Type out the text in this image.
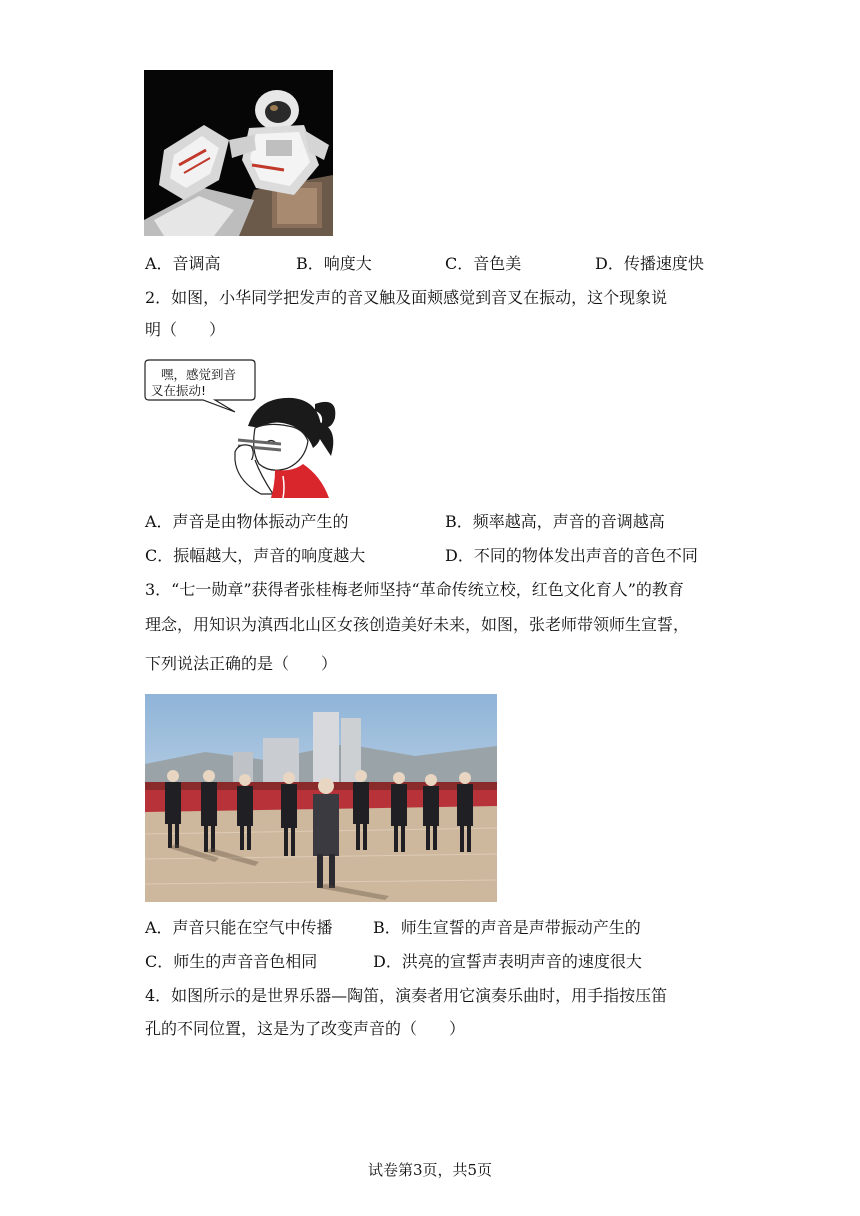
A．音调高	B．响度大	C．音色美	D．传播速度快
2．如图，小华同学把发声的音叉触及面颊感觉到音叉在振动，这个现象说
明（　　）
嘿，感觉到音
叉在振动!
A．声音是由物体振动产生的	B．频率越高，声音的音调越高
C．振幅越大，声音的响度越大	D．不同的物体发出声音的音色不同
3．“七一勋章”获得者张桂梅老师坚持“革命传统立校，红色文化育人”的教育
理念，用知识为滇西北山区女孩创造美好未来，如图，张老师带领师生宣誓，
下列说法正确的是（　　）
A．声音只能在空气中传播	B．师生宣誓的声音是声带振动产生的
C．师生的声音音色相同	D．洪亮的宣誓声表明声音的速度很大
4．如图所示的是世界乐器—陶笛，演奏者用它演奏乐曲时，用手指按压笛
孔的不同位置，这是为了改变声音的（　　）
试卷第3页，共5页
